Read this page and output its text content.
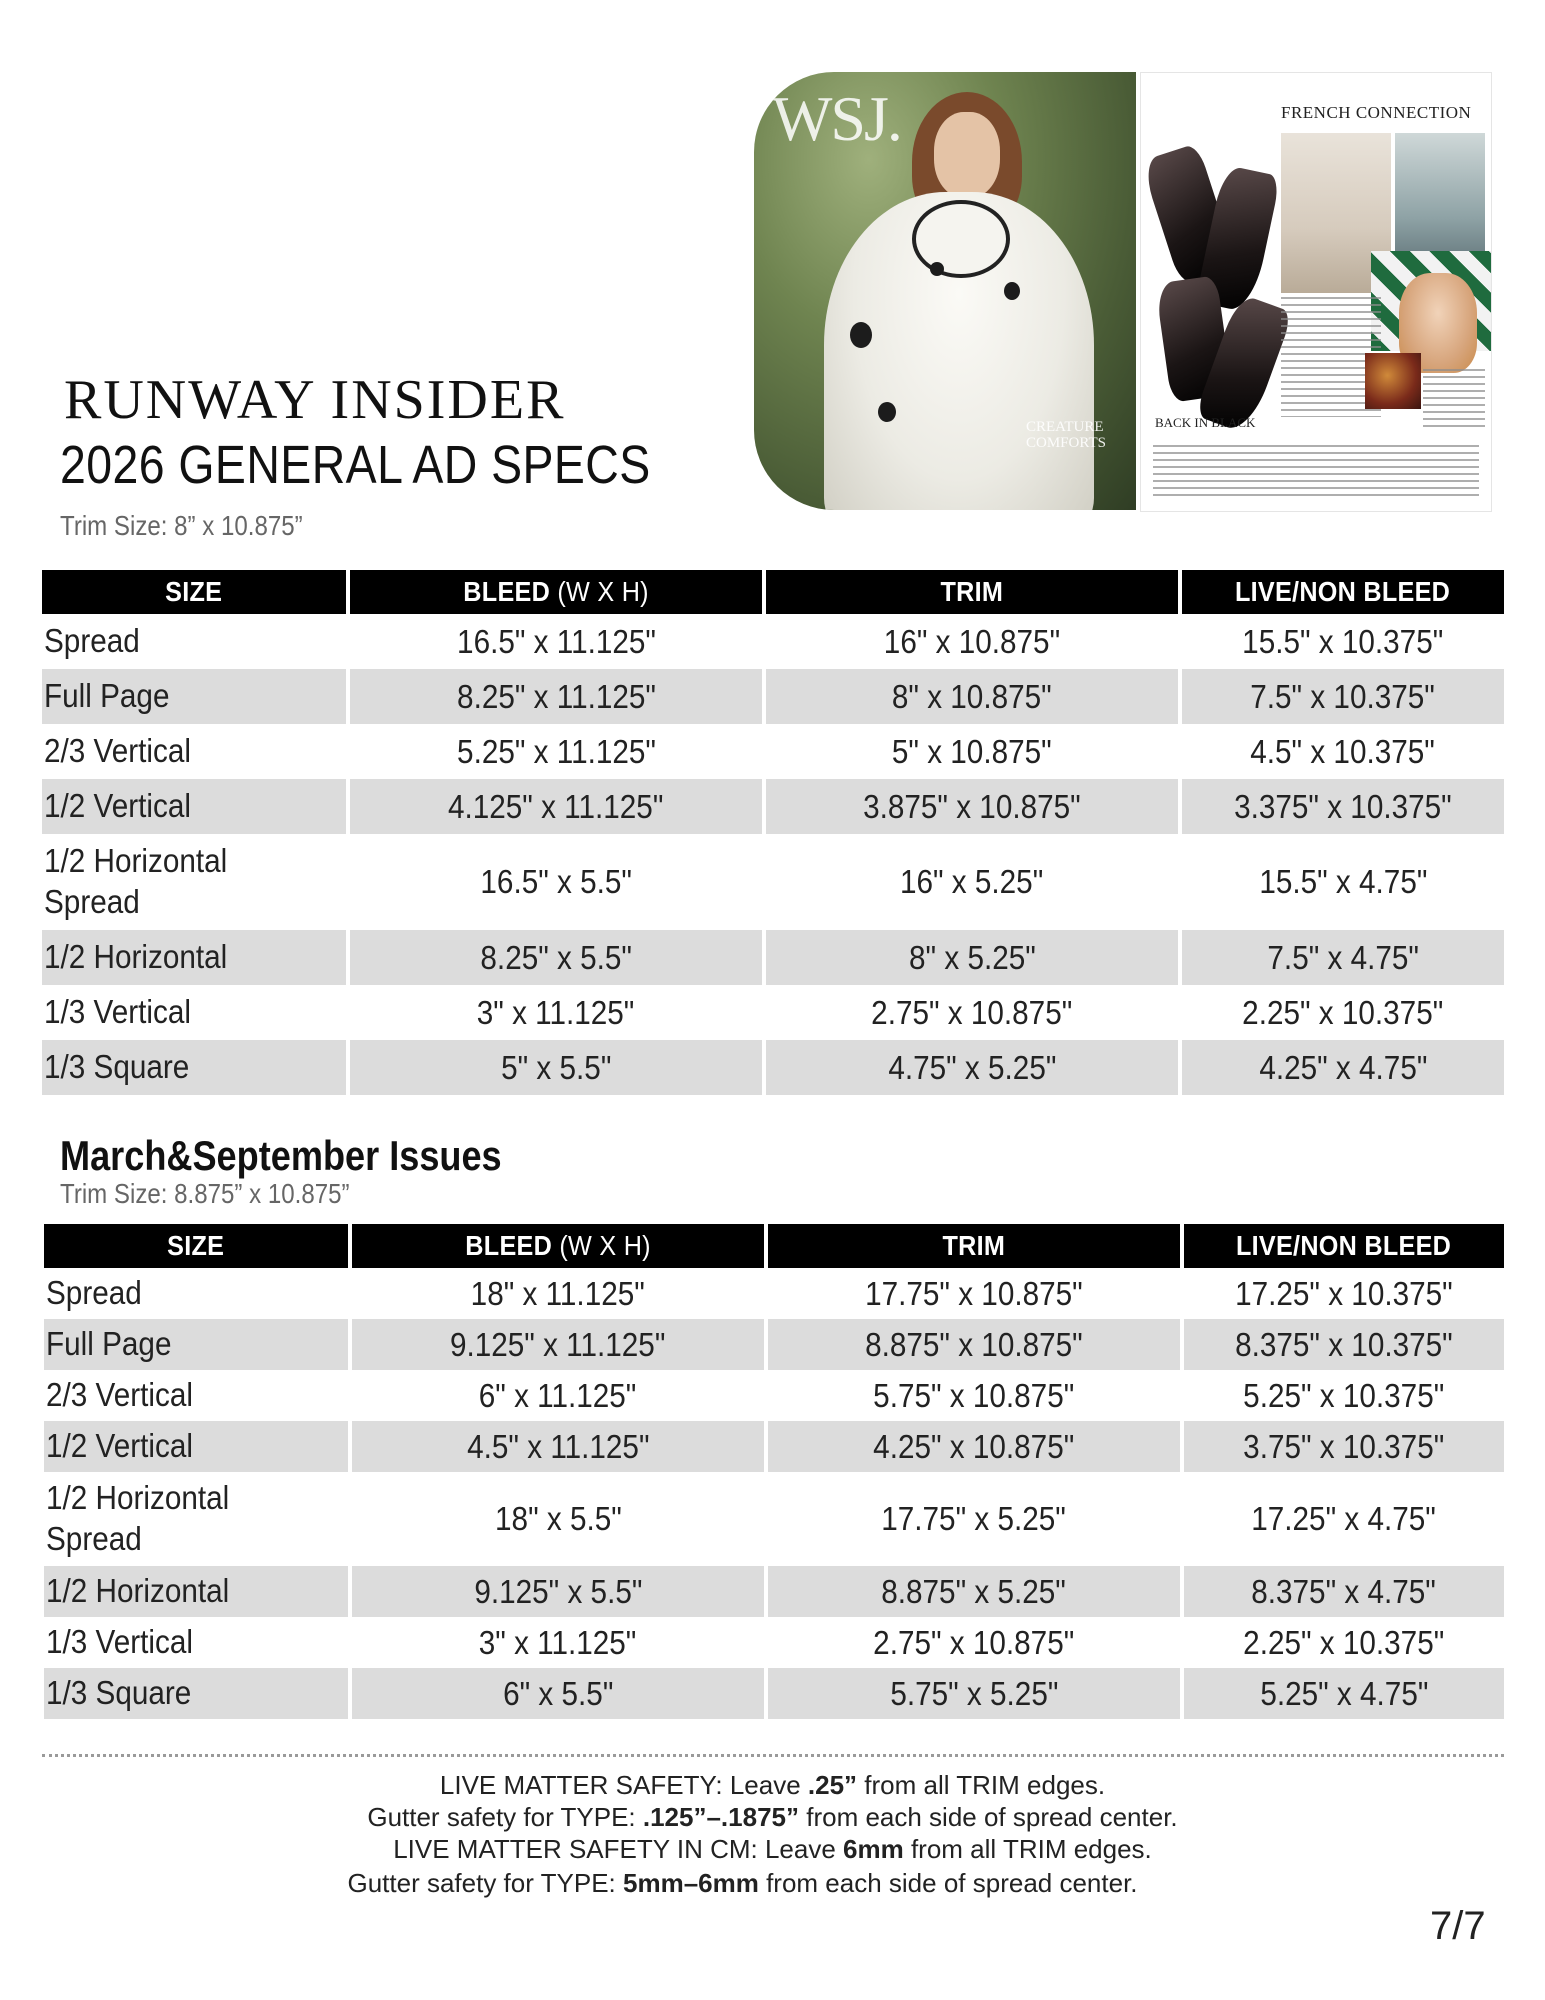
RUNWAY INSIDER
2026 GENERAL AD SPECS
Trim Size: 8” x 10.875”
WSJ.
CREATURE
COMFORTS
FRENCH CONNECTION
BACK IN BLACK
SIZE	BLEED (W X H)	TRIM	LIVE/NON BLEED
Spread	16.5" x 11.125"	16" x 10.875"	15.5" x 10.375"
Full Page	8.25" x 11.125"	8" x 10.875"	7.5" x 10.375"
2/3 Vertical	5.25" x 11.125"	5" x 10.875"	4.5" x 10.375"
1/2 Vertical	4.125" x 11.125"	3.875" x 10.875"	3.375" x 10.375"
1/2 Horizontal
Spread	16.5" x 5.5"	16" x 5.25"	15.5" x 4.75"
1/2 Horizontal	8.25" x 5.5"	8" x 5.25"	7.5" x 4.75"
1/3 Vertical	3" x 11.125"	2.75" x 10.875"	2.25" x 10.375"
1/3 Square	5" x 5.5"	4.75" x 5.25"	4.25" x 4.75"
March&September Issues
Trim Size: 8.875” x 10.875”
SIZE	BLEED (W X H)	TRIM	LIVE/NON BLEED
Spread	18" x 11.125"	17.75" x 10.875"	17.25" x 10.375"
Full Page	9.125" x 11.125"	8.875" x 10.875"	8.375" x 10.375"
2/3 Vertical	6" x 11.125"	5.75" x 10.875"	5.25" x 10.375"
1/2 Vertical	4.5" x 11.125"	4.25" x 10.875"	3.75" x 10.375"
1/2 Horizontal
Spread	18" x 5.5"	17.75" x 5.25"	17.25" x 4.75"
1/2 Horizontal	9.125" x 5.5"	8.875" x 5.25"	8.375" x 4.75"
1/3 Vertical	3" x 11.125"	2.75" x 10.875"	2.25" x 10.375"
1/3 Square	6" x 5.5"	5.75" x 5.25"	5.25" x 4.75"
LIVE MATTER SAFETY: Leave .25” from all TRIM edges.
Gutter safety for TYPE: .125”–.1875” from each side of spread center.
LIVE MATTER SAFETY IN CM: Leave 6mm from all TRIM edges.
Gutter safety for TYPE: 5mm–6mm from each side of spread center.
7/7
